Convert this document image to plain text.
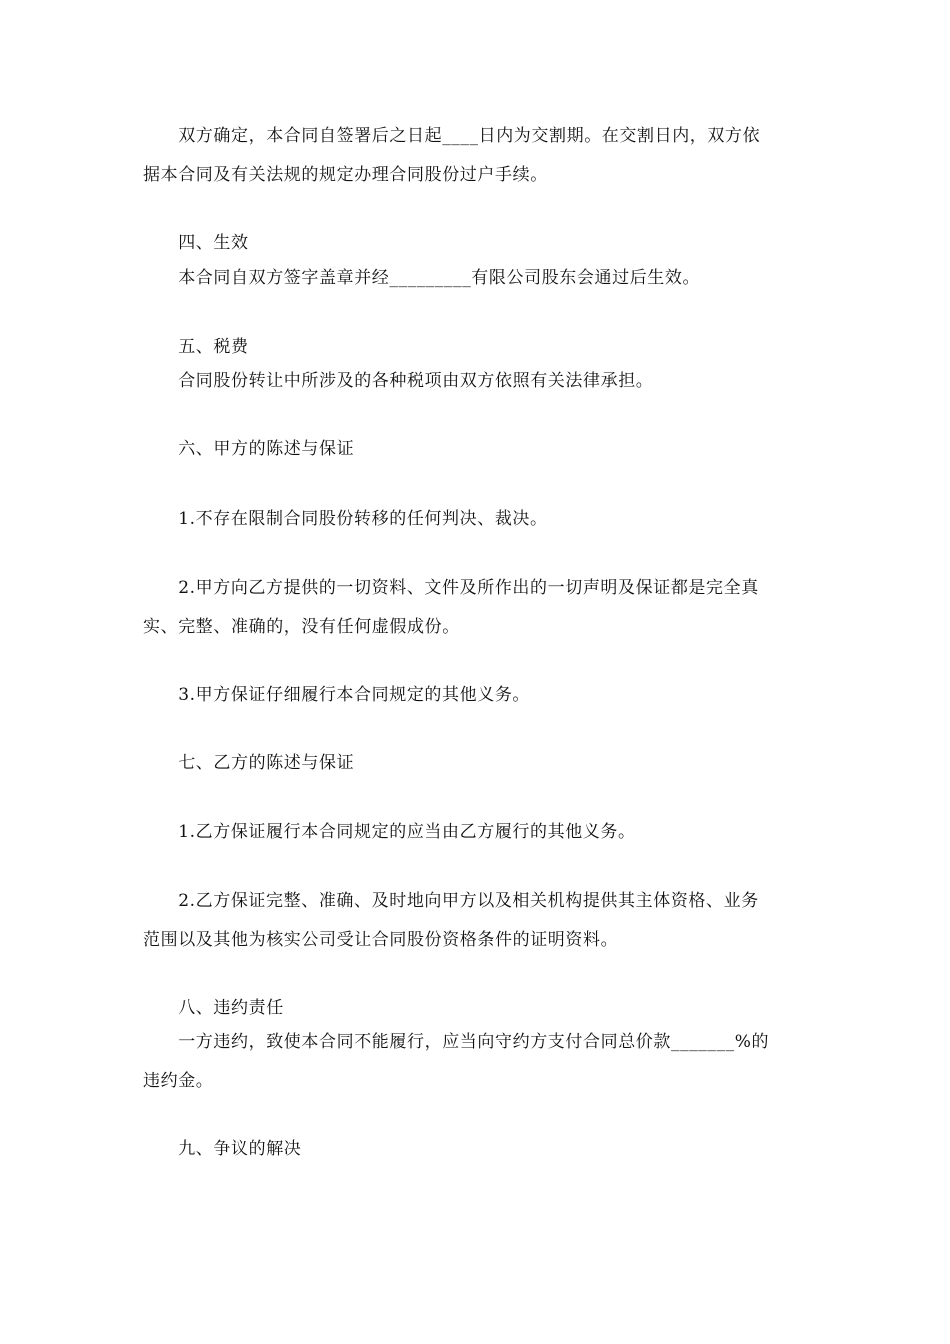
　　双方确定，本合同自签署后之日起____日内为交割期。在交割日内，双方依
据本合同及有关法规的规定办理合同股份过户手续。
　　四、生效
　　本合同自双方签字盖章并经_________有限公司股东会通过后生效。
　　五、税费
　　合同股份转让中所涉及的各种税项由双方依照有关法律承担。
　　六、甲方的陈述与保证
　　1.不存在限制合同股份转移的任何判决、裁决。
　　2.甲方向乙方提供的一切资料、文件及所作出的一切声明及保证都是完全真
实、完整、准确的，没有任何虚假成份。
　　3.甲方保证仔细履行本合同规定的其他义务。
　　七、乙方的陈述与保证
　　1.乙方保证履行本合同规定的应当由乙方履行的其他义务。
　　2.乙方保证完整、准确、及时地向甲方以及相关机构提供其主体资格、业务
范围以及其他为核实公司受让合同股份资格条件的证明资料。
　　八、违约责任
　　一方违约，致使本合同不能履行，应当向守约方支付合同总价款_______%的
违约金。
　　九、争议的解决
